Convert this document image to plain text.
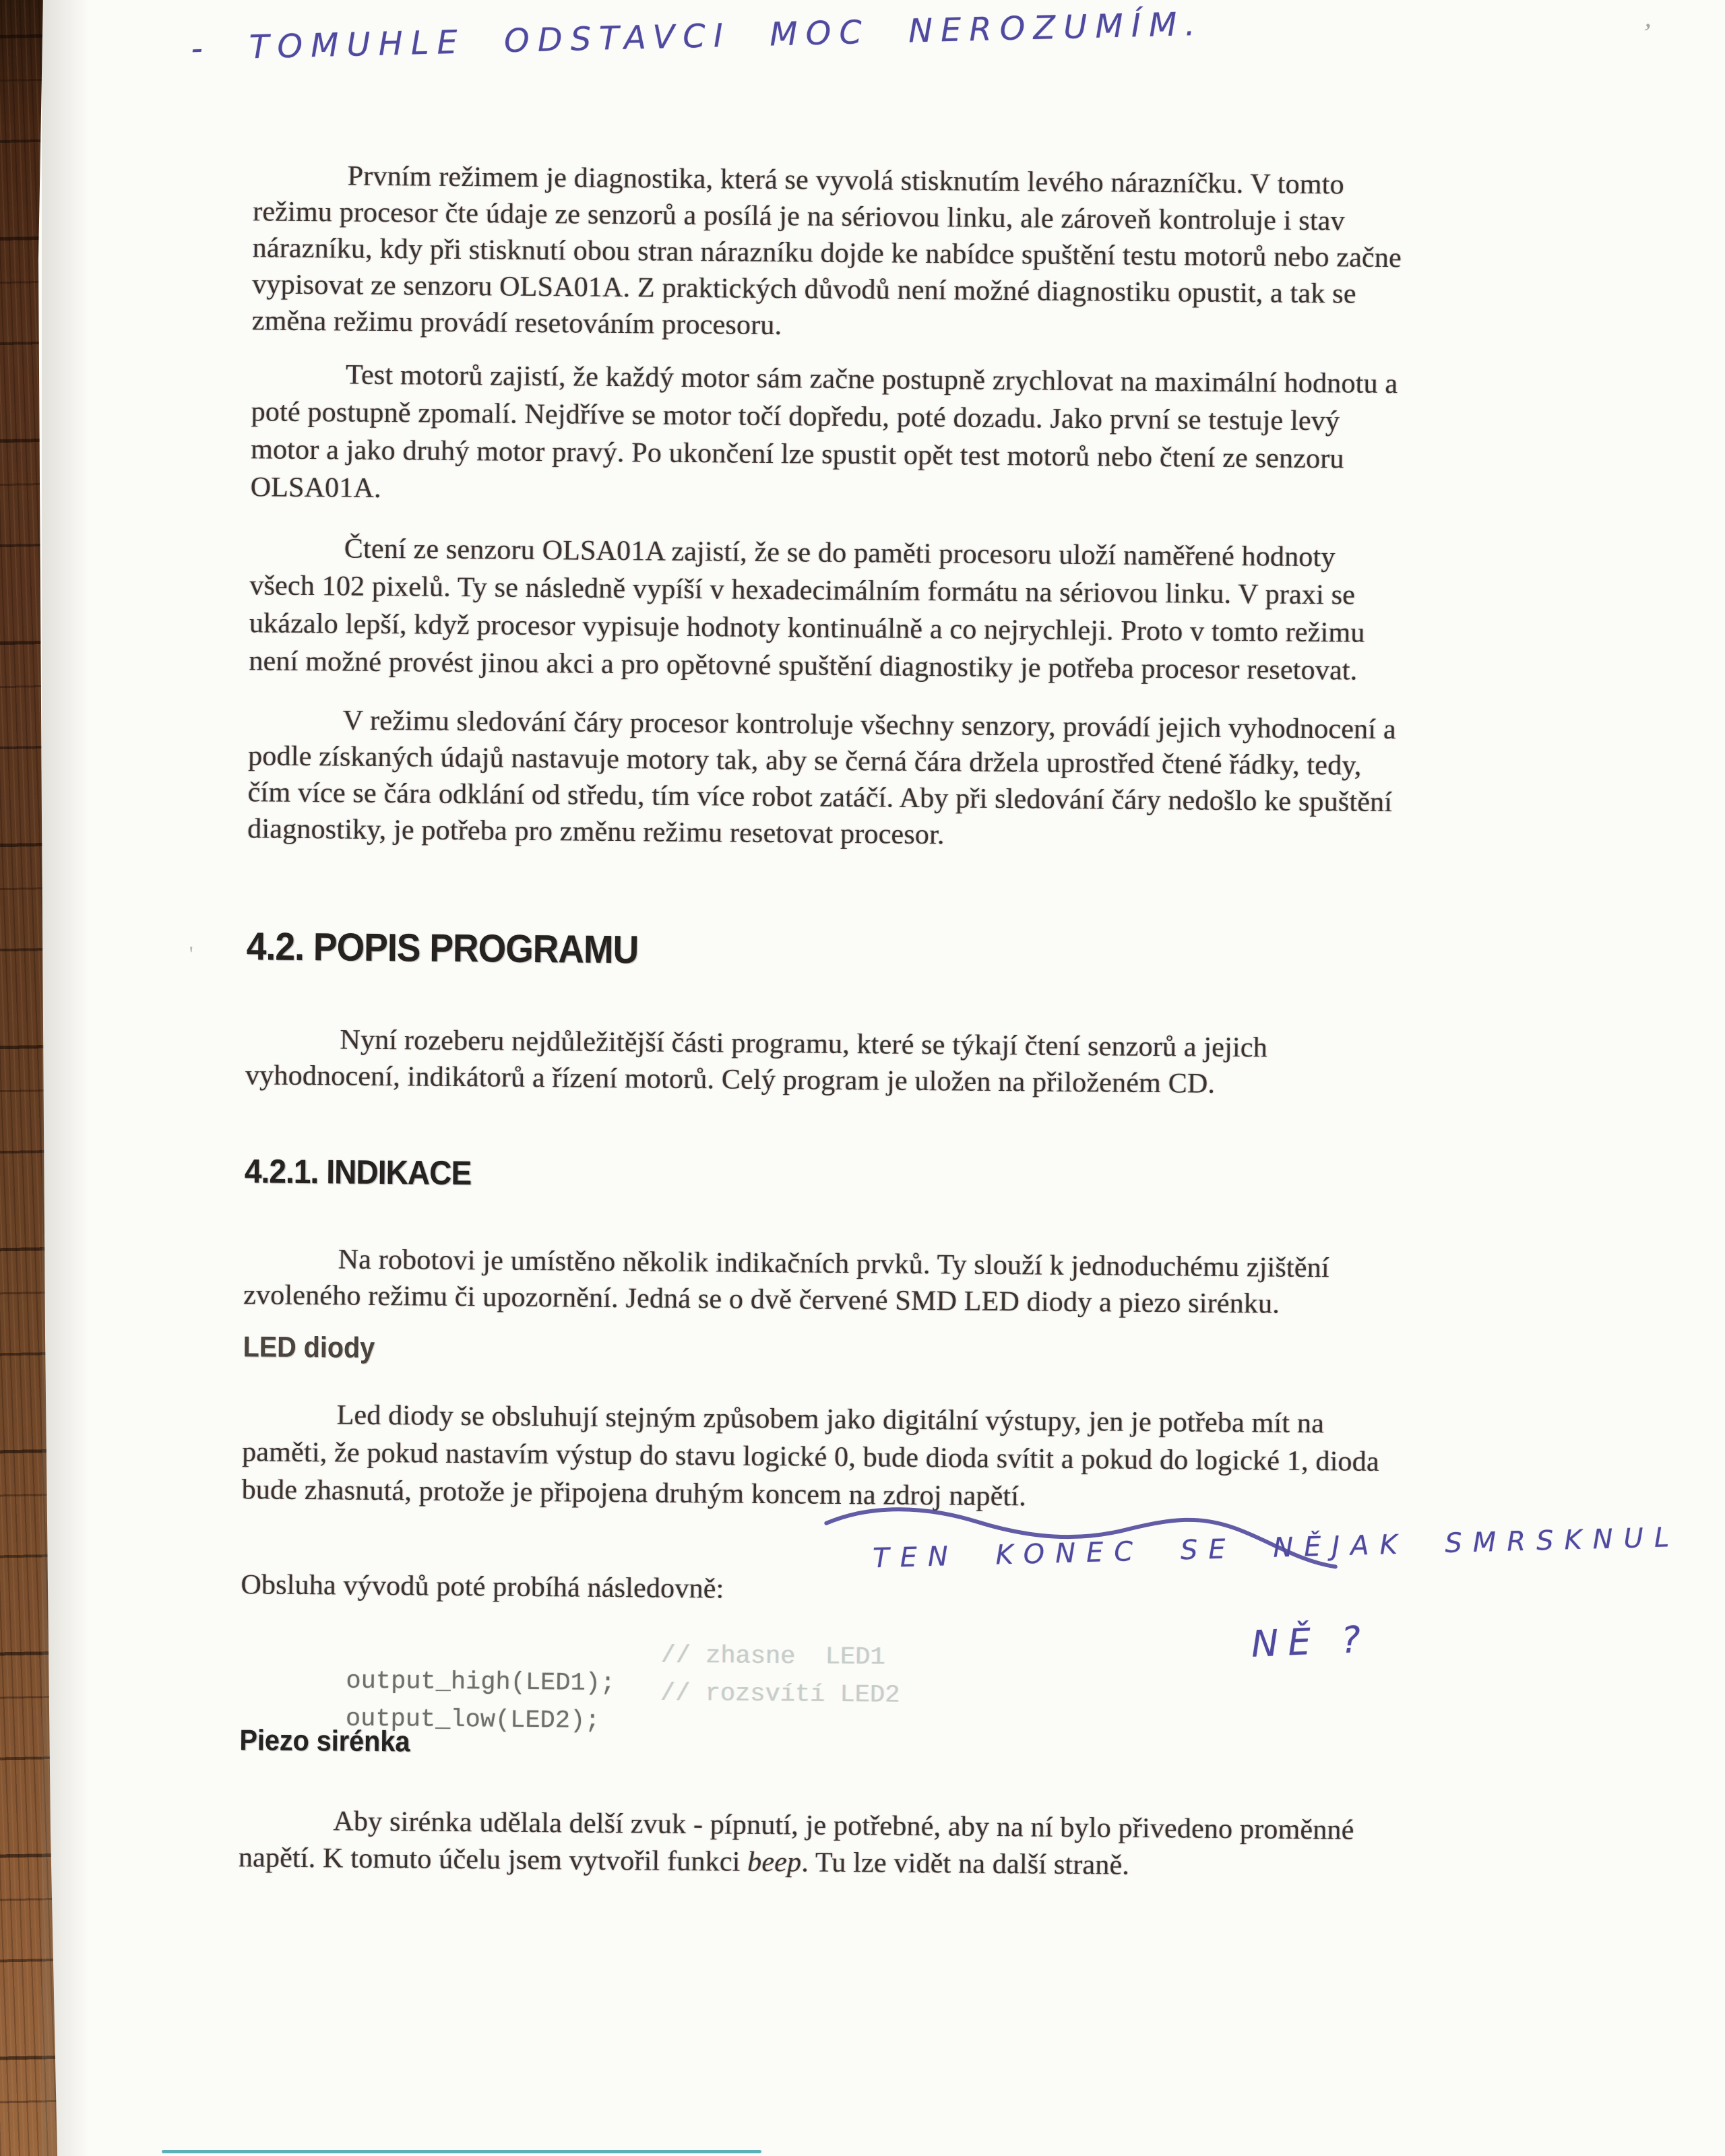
’
- TOMUHLE ODSTAVCI MOC NEROZUMÍM.
Prvním režimem je diagnostika, která se vyvolá stisknutím levého nárazníčku. V tomto
režimu procesor čte údaje ze senzorů a posílá je na sériovou linku, ale zároveň kontroluje i stav
nárazníku, kdy při stisknutí obou stran nárazníku dojde ke nabídce spuštění testu motorů nebo začne
vypisovat ze senzoru OLSA01A. Z praktických důvodů není možné diagnostiku opustit, a tak se
změna režimu provádí resetováním procesoru.
Test motorů zajistí, že každý motor sám začne postupně zrychlovat na maximální hodnotu a
poté postupně zpomalí. Nejdříve se motor točí dopředu, poté dozadu. Jako první se testuje levý
motor a jako druhý motor pravý. Po ukončení lze spustit opět test motorů nebo čtení ze senzoru
OLSA01A.
Čtení ze senzoru OLSA01A zajistí, že se do paměti procesoru uloží naměřené hodnoty
všech 102 pixelů. Ty se následně vypíší v hexadecimálním formátu na sériovou linku. V praxi se
ukázalo lepší, když procesor vypisuje hodnoty kontinuálně a co nejrychleji. Proto v tomto režimu
není možné provést jinou akci a pro opětovné spuštění diagnostiky je potřeba procesor resetovat.
V režimu sledování čáry procesor kontroluje všechny senzory, provádí jejich vyhodnocení a
podle získaných údajů nastavuje motory tak, aby se černá čára držela uprostřed čtené řádky, tedy,
čím více se čára odklání od středu, tím více robot zatáčí. Aby při sledování čáry nedošlo ke spuštění
diagnostiky, je potřeba pro změnu režimu resetovat procesor.
' 4.2. POPIS PROGRAMU
Nyní rozeberu nejdůležitější části programu, které se týkají čtení senzorů a jejich
vyhodnocení, indikátorů a řízení motorů. Celý program je uložen na přiloženém CD.
4.2.1. INDIKACE
Na robotovi je umístěno několik indikačních prvků. Ty slouží k jednoduchému zjištění
zvoleného režimu či upozornění. Jedná se o dvě červené SMD LED diody a piezo sirénku.
LED diody
Led diody se obsluhují stejným způsobem jako digitální výstupy, jen je potřeba mít na
paměti, že pokud nastavím výstup do stavu logické 0, bude dioda svítit a pokud do logické 1, dioda
bude zhasnutá, protože je připojena druhým koncem na zdroj napětí.
Obsluha vývodů poté probíhá následovně:
TEN KONEC SE NĚJAK SMRSKNUL
NĚ ?

output_high(LED1);

// zhasne  LED1

output_low(LED2);

// rozsvítí LED2

Piezo sirénka
Aby sirénka udělala delší zvuk - pípnutí, je potřebné, aby na ní bylo přivedeno proměnné
napětí. K tomuto účelu jsem vytvořil funkci beep. Tu lze vidět na další straně.
